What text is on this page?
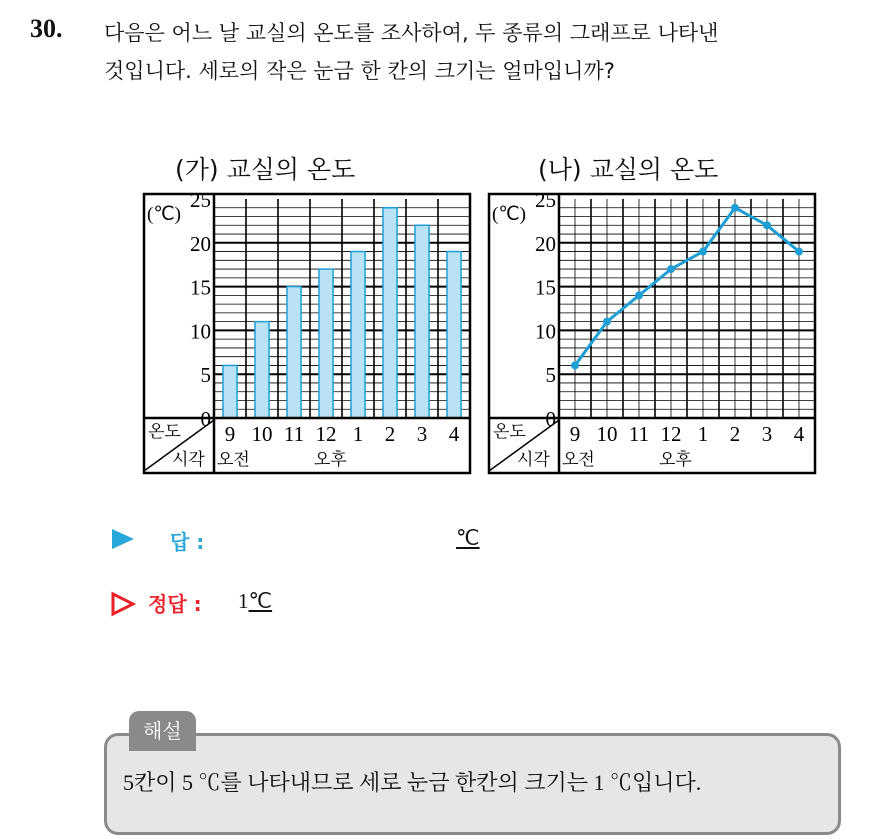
30. 다음은 어느 날 교실의 온도를 조사하여, 두 종류의 그래프로 나타낸
것입니다. 세로의 작은 눈금 한 칸의 크기는 얼마입니까?
(가) 교실의 온도	(나) 교실의 온도
0
5
10
15
20
25
(℃)
9 10 11 12 1 2 3 4
온도
시각 오전	오후
0
5
10
15
20
25
(℃)
9 10 11 12 1 2 3 4
온도
시각 오전	오후
답 :	℃
정답 : 1℃
해설
5칸이 5 ℃를 나타내므로 세로 눈금 한칸의 크기는 1 ℃입니다.
